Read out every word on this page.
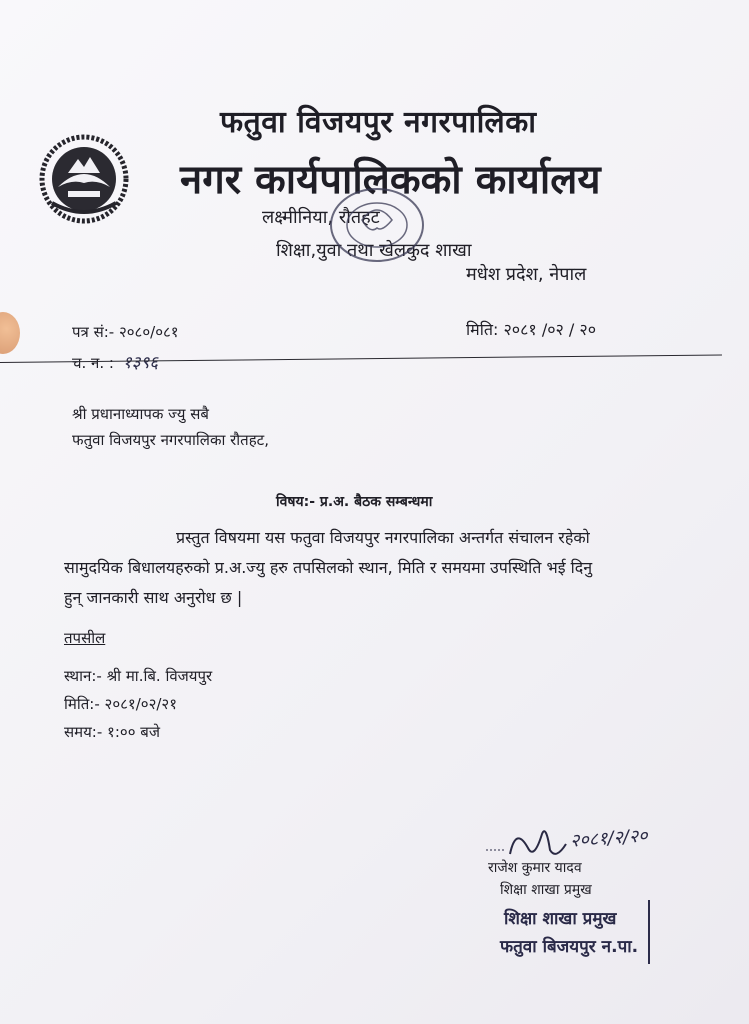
फतुवा विजयपुर नगरपालिका
नगर कार्यपालिकको कार्यालय
लक्ष्मीनिया, रौतहट
शिक्षा,युवा तथा खेलकुद शाखा
मधेश प्रदेश, नेपाल
पत्र सं:- २०८०/०८१
च. न. : १३९६
मिति: २०८१ /०२ / २०
श्री प्रधानाध्यापक ज्यु सबै
फतुवा विजयपुर नगरपालिका रौतहट,
विषय:- प्र.अ. बैठक सम्बन्धमा
प्रस्तुत विषयमा यस फतुवा विजयपुर नगरपालिका अन्तर्गत संचालन रहेको
सामुदयिक बिधालयहरुको प्र.अ.ज्यु हरु तपसिलको स्थान, मिति र समयमा उपस्थिति भई दिनु
हुन् जानकारी साथ अनुरोध छ |
तपसील
स्थान:- श्री मा.बि. विजयपुर
मिति:- २०८१/०२/२१
समय:- १:०० बजे
२०८१/२/२०
राजेश कुमार यादव
शिक्षा शाखा प्रमुख
शिक्षा शाखा प्रमुख
फतुवा बिजयपुर न.पा.
